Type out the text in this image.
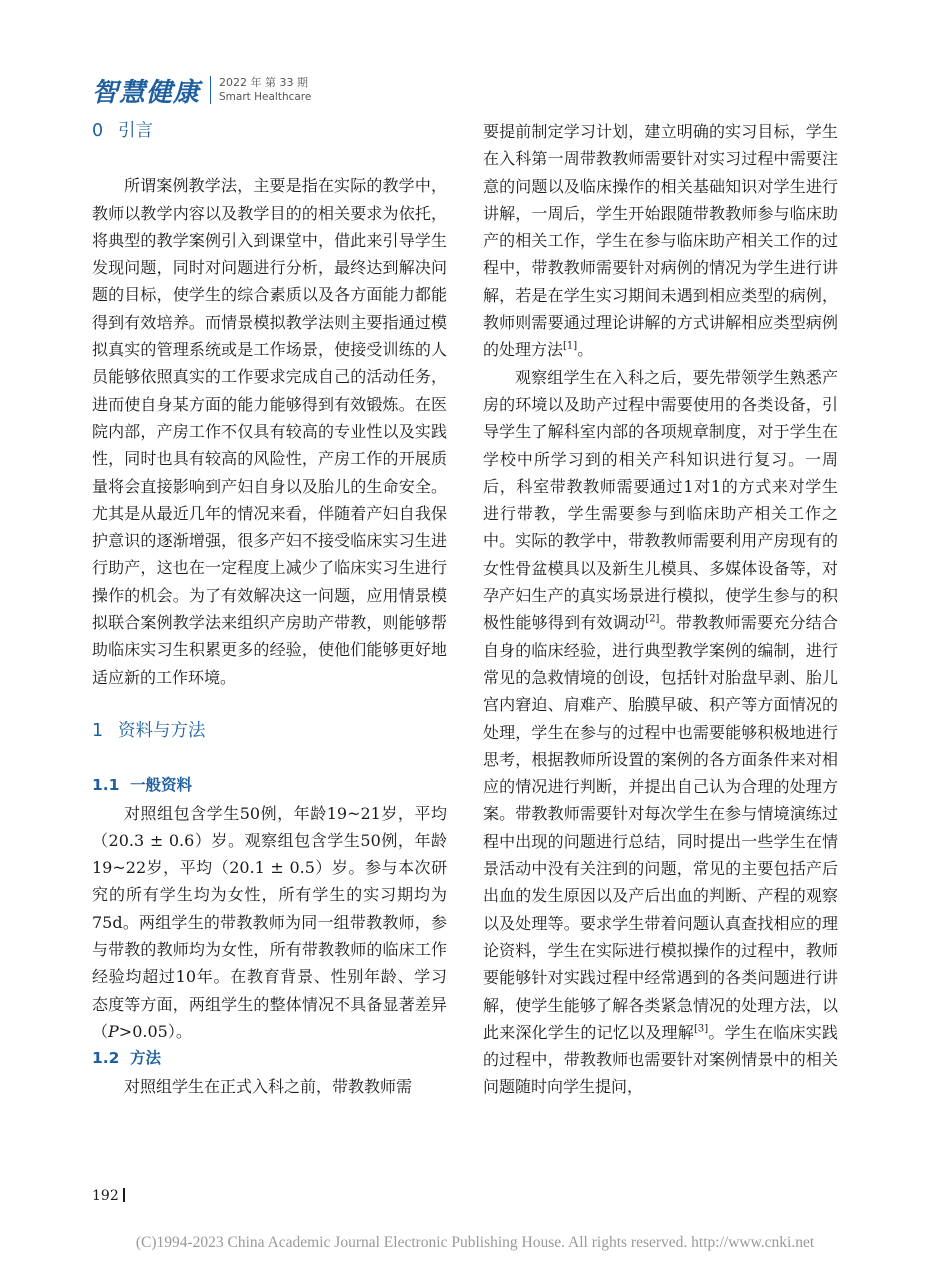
智慧健康 2022 年 第 33 期
Smart Healthcare
0 引言

所谓案例教学法，主要是指在实际的教学中，教师以教学内容以及教学目的的相关要求为依托，将典型的教学案例引入到课堂中，借此来引导学生发现问题，同时对问题进行分析，最终达到解决问题的目标，使学生的综合素质以及各方面能力都能得到有效培养。而情景模拟教学法则主要指通过模拟真实的管理系统或是工作场景，使接受训练的人员能够依照真实的工作要求完成自己的活动任务，进而使自身某方面的能力能够得到有效锻炼。在医院内部，产房工作不仅具有较高的专业性以及实践性，同时也具有较高的风险性，产房工作的开展质量将会直接影响到产妇自身以及胎儿的生命安全。尤其是从最近几年的情况来看，伴随着产妇自我保护意识的逐渐增强，很多产妇不接受临床实习生进行助产，这也在一定程度上减少了临床实习生进行操作的机会。为了有效解决这一问题，应用情景模拟联合案例教学法来组织产房助产带教，则能够帮助临床实习生积累更多的经验，使他们能够更好地适应新的工作环境。

1 资料与方法
1.1 一般资料

对照组包含学生50例，年龄19~21岁，平均（20.3 ± 0.6）岁。观察组包含学生50例，年龄19~22岁，平均（20.1 ± 0.5）岁。参与本次研究的所有学生均为女性，所有学生的实习期均为75d。两组学生的带教教师为同一组带教教师，参与带教的教师均为女性，所有带教教师的临床工作经验均超过10年。在教育背景、性别年龄、学习态度等方面，两组学生的整体情况不具备显著差异（P>0.05）。

1.2 方法

对照组学生在正式入科之前，带教教师需

要提前制定学习计划，建立明确的实习目标，学生在入科第一周带教教师需要针对实习过程中需要注意的问题以及临床操作的相关基础知识对学生进行讲解，一周后，学生开始跟随带教教师参与临床助产的相关工作，学生在参与临床助产相关工作的过程中，带教教师需要针对病例的情况为学生进行讲解，若是在学生实习期间未遇到相应类型的病例，教师则需要通过理论讲解的方式讲解相应类型病例的处理方法[1]。

观察组学生在入科之后，要先带领学生熟悉产房的环境以及助产过程中需要使用的各类设备，引导学生了解科室内部的各项规章制度，对于学生在学校中所学习到的相关产科知识进行复习。一周后，科室带教教师需要通过1对1的方式来对学生进行带教，学生需要参与到临床助产相关工作之中。实际的教学中，带教教师需要利用产房现有的女性骨盆模具以及新生儿模具、多媒体设备等，对孕产妇生产的真实场景进行模拟，使学生参与的积极性能够得到有效调动[2]。带教教师需要充分结合自身的临床经验，进行典型教学案例的编制，进行常见的急救情境的创设，包括针对胎盘早剥、胎儿宫内窘迫、肩难产、胎膜早破、积产等方面情况的处理，学生在参与的过程中也需要能够积极地进行思考，根据教师所设置的案例的各方面条件来对相应的情况进行判断，并提出自己认为合理的处理方案。带教教师需要针对每次学生在参与情境演练过程中出现的问题进行总结，同时提出一些学生在情景活动中没有关注到的问题，常见的主要包括产后出血的发生原因以及产后出血的判断、产程的观察以及处理等。要求学生带着问题认真查找相应的理论资料，学生在实际进行模拟操作的过程中，教师要能够针对实践过程中经常遇到的各类问题进行讲解，使学生能够了解各类紧急情况的处理方法，以此来深化学生的记忆以及理解[3]。学生在临床实践的过程中，带教教师也需要针对案例情景中的相关问题随时向学生提问，

192
(C)1994-2023 China Academic Journal Electronic Publishing House. All rights reserved. http://www.cnki.net
